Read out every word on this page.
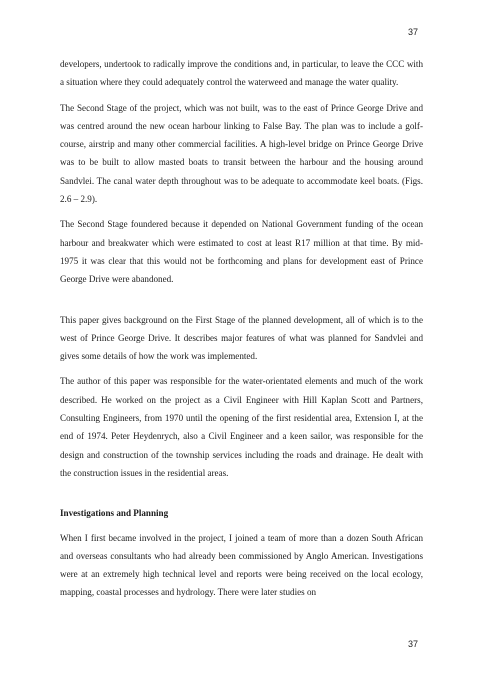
37

developers, undertook to radically improve the conditions and, in particular, to leave the CCC with a situation where they could adequately control the waterweed and manage the water quality.

The Second Stage of the project, which was not built, was to the east of Prince George Drive and was centred around the new ocean harbour linking to False Bay. The plan was to include a golf-course, airstrip and many other commercial facilities. A high-level bridge on Prince George Drive was to be built to allow masted boats to transit between the harbour and the housing around Sandvlei. The canal water depth throughout was to be adequate to accommodate keel boats. (Figs. 2.6 – 2.9).

The Second Stage foundered because it depended on National Government funding of the ocean harbour and breakwater which were estimated to cost at least R17 million at that time. By mid-1975 it was clear that this would not be forthcoming and plans for development east of Prince George Drive were abandoned.

This paper gives background on the First Stage of the planned development, all of which is to the west of Prince George Drive. It describes major features of what was planned for Sandvlei and gives some details of how the work was implemented.

The author of this paper was responsible for the water-orientated elements and much of the work described. He worked on the project as a Civil Engineer with Hill Kaplan Scott and Partners, Consulting Engineers, from 1970 until the opening of the first residential area, Extension I, at the end of 1974. Peter Heydenrych, also a Civil Engineer and a keen sailor, was responsible for the design and construction of the township services including the roads and drainage. He dealt with the construction issues in the residential areas.

Investigations and Planning

When I first became involved in the project, I joined a team of more than a dozen South African and overseas consultants who had already been commissioned by Anglo American. Investigations were at an extremely high technical level and reports were being received on the local ecology, mapping, coastal processes and hydrology. There were later studies on

37
